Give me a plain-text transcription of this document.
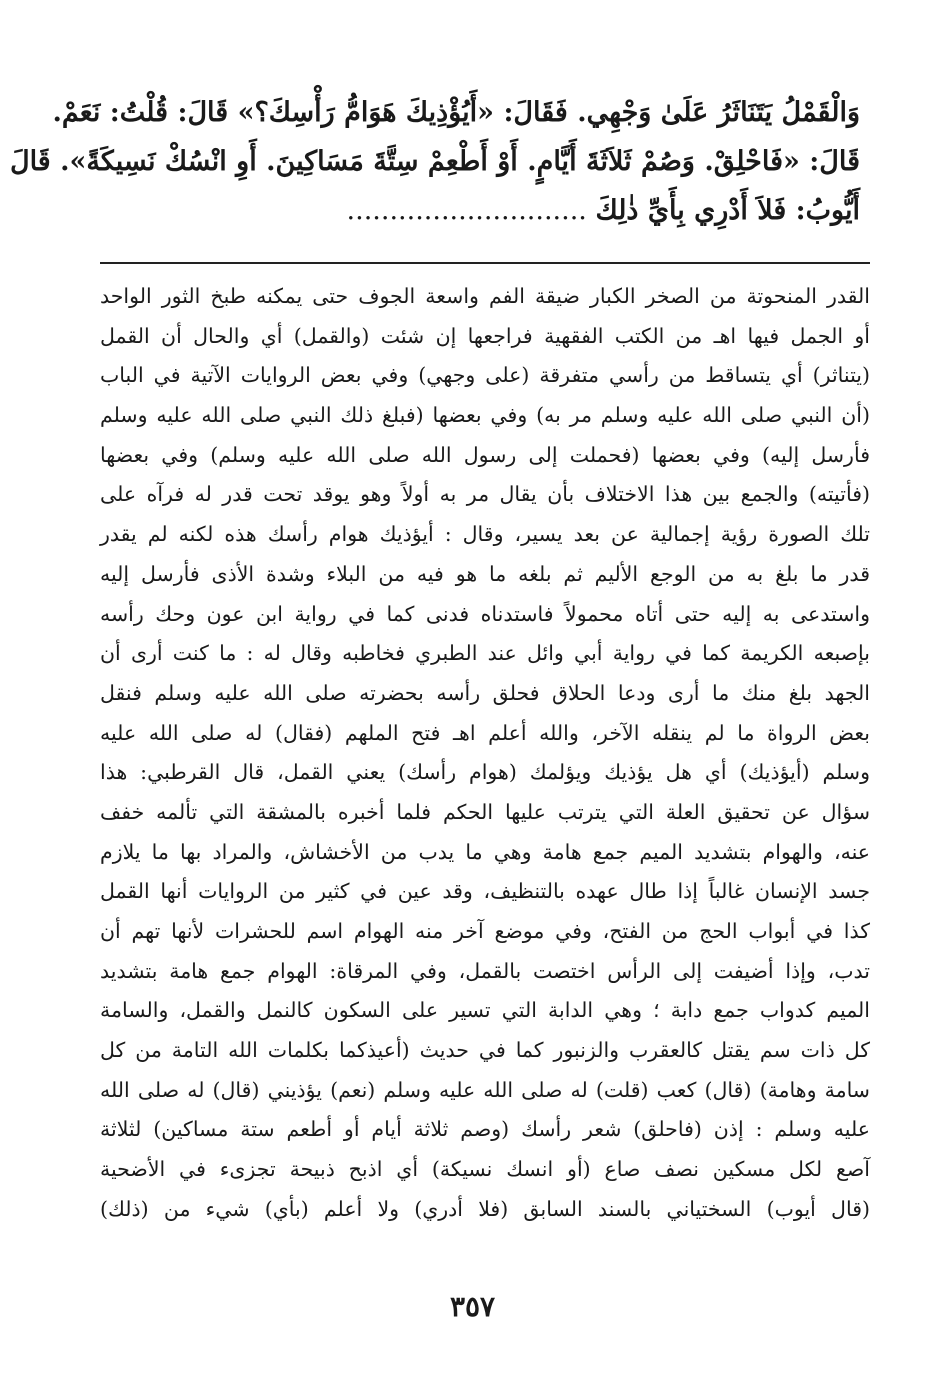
وَالْقَمْلُ يَتَنَاثَرُ عَلَىٰ وَجْهِي. فَقَالَ: «أَيُؤْذِيكَ هَوَامُّ رَأْسِكَ؟» قَالَ: قُلْتُ: نَعَمْ.
قَالَ: «فَاحْلِقْ. وَصُمْ ثَلاَثَةَ أَيَّامٍ. أَوْ أَطْعِمْ سِتَّةَ مَسَاكِينَ. أَوِ انْسُكْ نَسِيكَةً». قَالَ
أَيُّوبُ: فَلاَ أَدْرِي بِأَيِّ ذٰلِكَ ............................
القدر المنحوتة من الصخر الكبار ضيقة الفم واسعة الجوف حتى يمكنه طبخ الثور الواحد
أو الجمل فيها اهـ من الكتب الفقهية فراجعها إن شئت (والقمل) أي والحال أن القمل
(يتناثر) أي يتساقط من رأسي متفرقة (على وجهي) وفي بعض الروايات الآتية في الباب
(أن النبي صلى الله عليه وسلم مر به) وفي بعضها (فبلغ ذلك النبي صلى الله عليه وسلم
فأرسل إليه) وفي بعضها (فحملت إلى رسول الله صلى الله عليه وسلم) وفي بعضها
(فأتيته) والجمع بين هذا الاختلاف بأن يقال مر به أولاً وهو يوقد تحت قدر له فرآه على
تلك الصورة رؤية إجمالية عن بعد يسير، وقال : أيؤذيك هوام رأسك هذه لكنه لم يقدر
قدر ما بلغ به من الوجع الأليم ثم بلغه ما هو فيه من البلاء وشدة الأذى فأرسل إليه
واستدعى به إليه حتى أتاه محمولاً فاستدناه فدنى كما في رواية ابن عون وحك رأسه
بإصبعه الكريمة كما في رواية أبي وائل عند الطبري فخاطبه وقال له : ما كنت أرى أن
الجهد بلغ منك ما أرى ودعا الحلاق فحلق رأسه بحضرته صلى الله عليه وسلم فنقل
بعض الرواة ما لم ينقله الآخر، والله أعلم اهـ فتح الملهم (فقال) له صلى الله عليه
وسلم (أيؤذيك) أي هل يؤذيك ويؤلمك (هوام رأسك) يعني القمل، قال القرطبي: هذا
سؤال عن تحقيق العلة التي يترتب عليها الحكم فلما أخبره بالمشقة التي تألمه خفف
عنه، والهوام بتشديد الميم جمع هامة وهي ما يدب من الأخشاش، والمراد بها ما يلازم
جسد الإنسان غالباً إذا طال عهده بالتنظيف، وقد عين في كثير من الروايات أنها القمل
كذا في أبواب الحج من الفتح، وفي موضع آخر منه الهوام اسم للحشرات لأنها تهم أن
تدب، وإذا أضيفت إلى الرأس اختصت بالقمل، وفي المرقاة: الهوام جمع هامة بتشديد
الميم كدواب جمع دابة ؛ وهي الدابة التي تسير على السكون كالنمل والقمل، والسامة
كل ذات سم يقتل كالعقرب والزنبور كما في حديث (أعيذكما بكلمات الله التامة من كل
سامة وهامة) (قال) كعب (قلت) له صلى الله عليه وسلم (نعم) يؤذيني (قال) له صلى الله
عليه وسلم : إذن (فاحلق) شعر رأسك (وصم ثلاثة أيام أو أطعم ستة مساكين) لثلاثة
آصع لكل مسكين نصف صاع (أو انسك نسيكة) أي اذبح ذبيحة تجزىء في الأضحية
(قال أيوب) السختياني بالسند السابق (فلا أدري) ولا أعلم (بأي) شيء من (ذلك)
٣٥٧
